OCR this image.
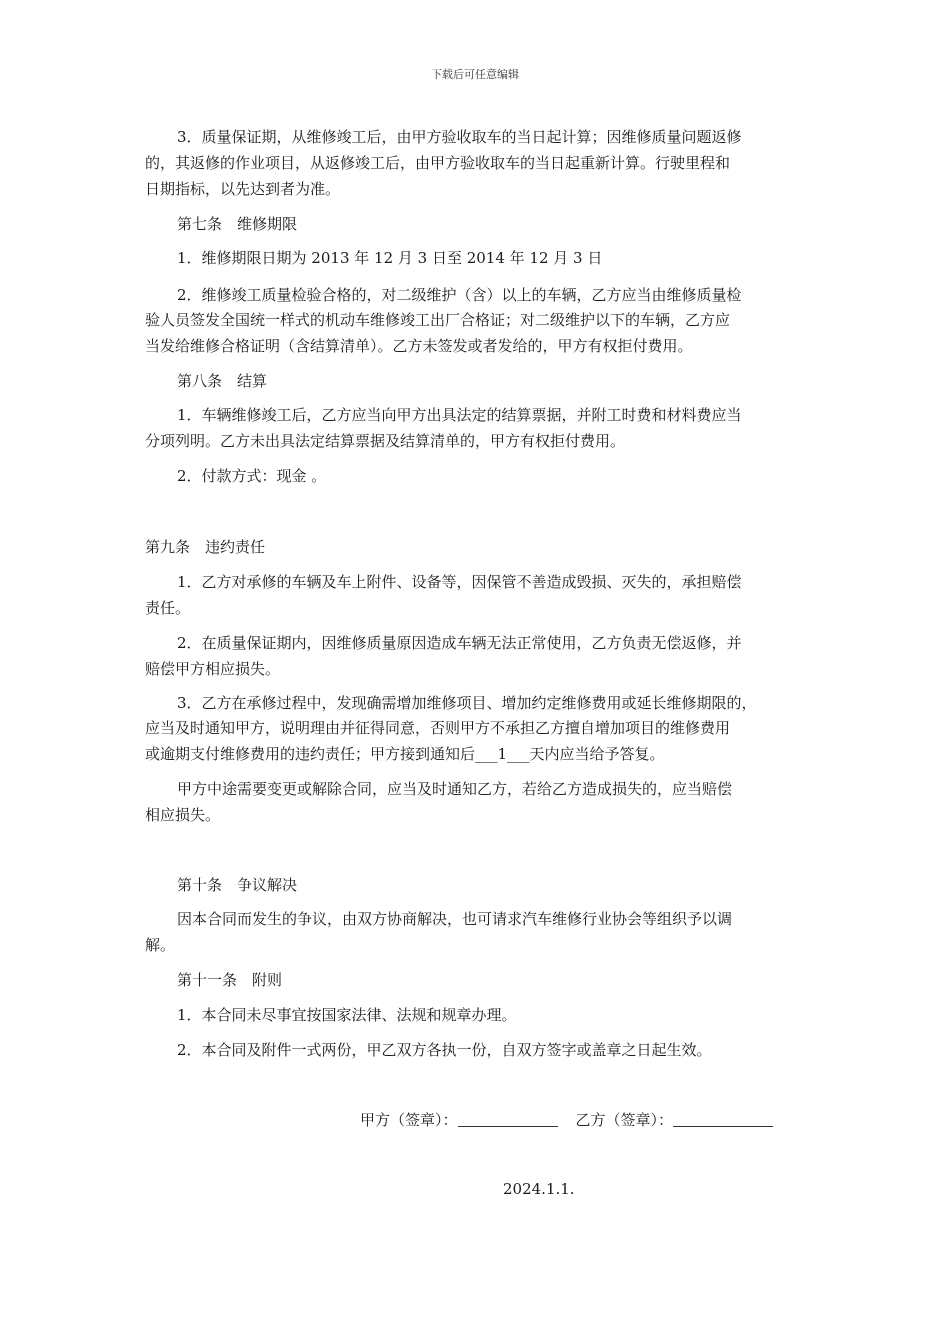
下载后可任意编辑
3．质量保证期，从维修竣工后，由甲方验收取车的当日起计算；因维修质量问题返修
的，其返修的作业项目，从返修竣工后，由甲方验收取车的当日起重新计算。行驶里程和
日期指标，以先达到者为准。
第七条　维修期限
1．维修期限日期为 2013 年 12 月 3 日至 2014 年 12 月 3 日
2．维修竣工质量检验合格的，对二级维护（含）以上的车辆，乙方应当由维修质量检
验人员签发全国统一样式的机动车维修竣工出厂合格证；对二级维护以下的车辆，乙方应
当发给维修合格证明（含结算清单）。乙方未签发或者发给的，甲方有权拒付费用。
第八条　结算
1．车辆维修竣工后，乙方应当向甲方出具法定的结算票据，并附工时费和材料费应当
分项列明。乙方未出具法定结算票据及结算清单的，甲方有权拒付费用。
2．付款方式：现金 。
第九条　违约责任
1．乙方对承修的车辆及车上附件、设备等，因保管不善造成毁损、灭失的，承担赔偿
责任。
2．在质量保证期内，因维修质量原因造成车辆无法正常使用，乙方负责无偿返修，并
赔偿甲方相应损失。
3．乙方在承修过程中，发现确需增加维修项目、增加约定维修费用或延长维修期限的，
应当及时通知甲方，说明理由并征得同意，否则甲方不承担乙方擅自增加项目的维修费用
或逾期支付维修费用的违约责任；甲方接到通知后___1___天内应当给予答复。
甲方中途需要变更或解除合同，应当及时通知乙方，若给乙方造成损失的，应当赔偿
相应损失。
第十条　争议解决
因本合同而发生的争议，由双方协商解决，也可请求汽车维修行业协会等组织予以调
解。
第十一条　附则
1．本合同未尽事宜按国家法律、法规和规章办理。
2．本合同及附件一式两份，甲乙双方各执一份，自双方签字或盖章之日起生效。
甲方（签章）：	乙方（签章）：
2024.1.1.
